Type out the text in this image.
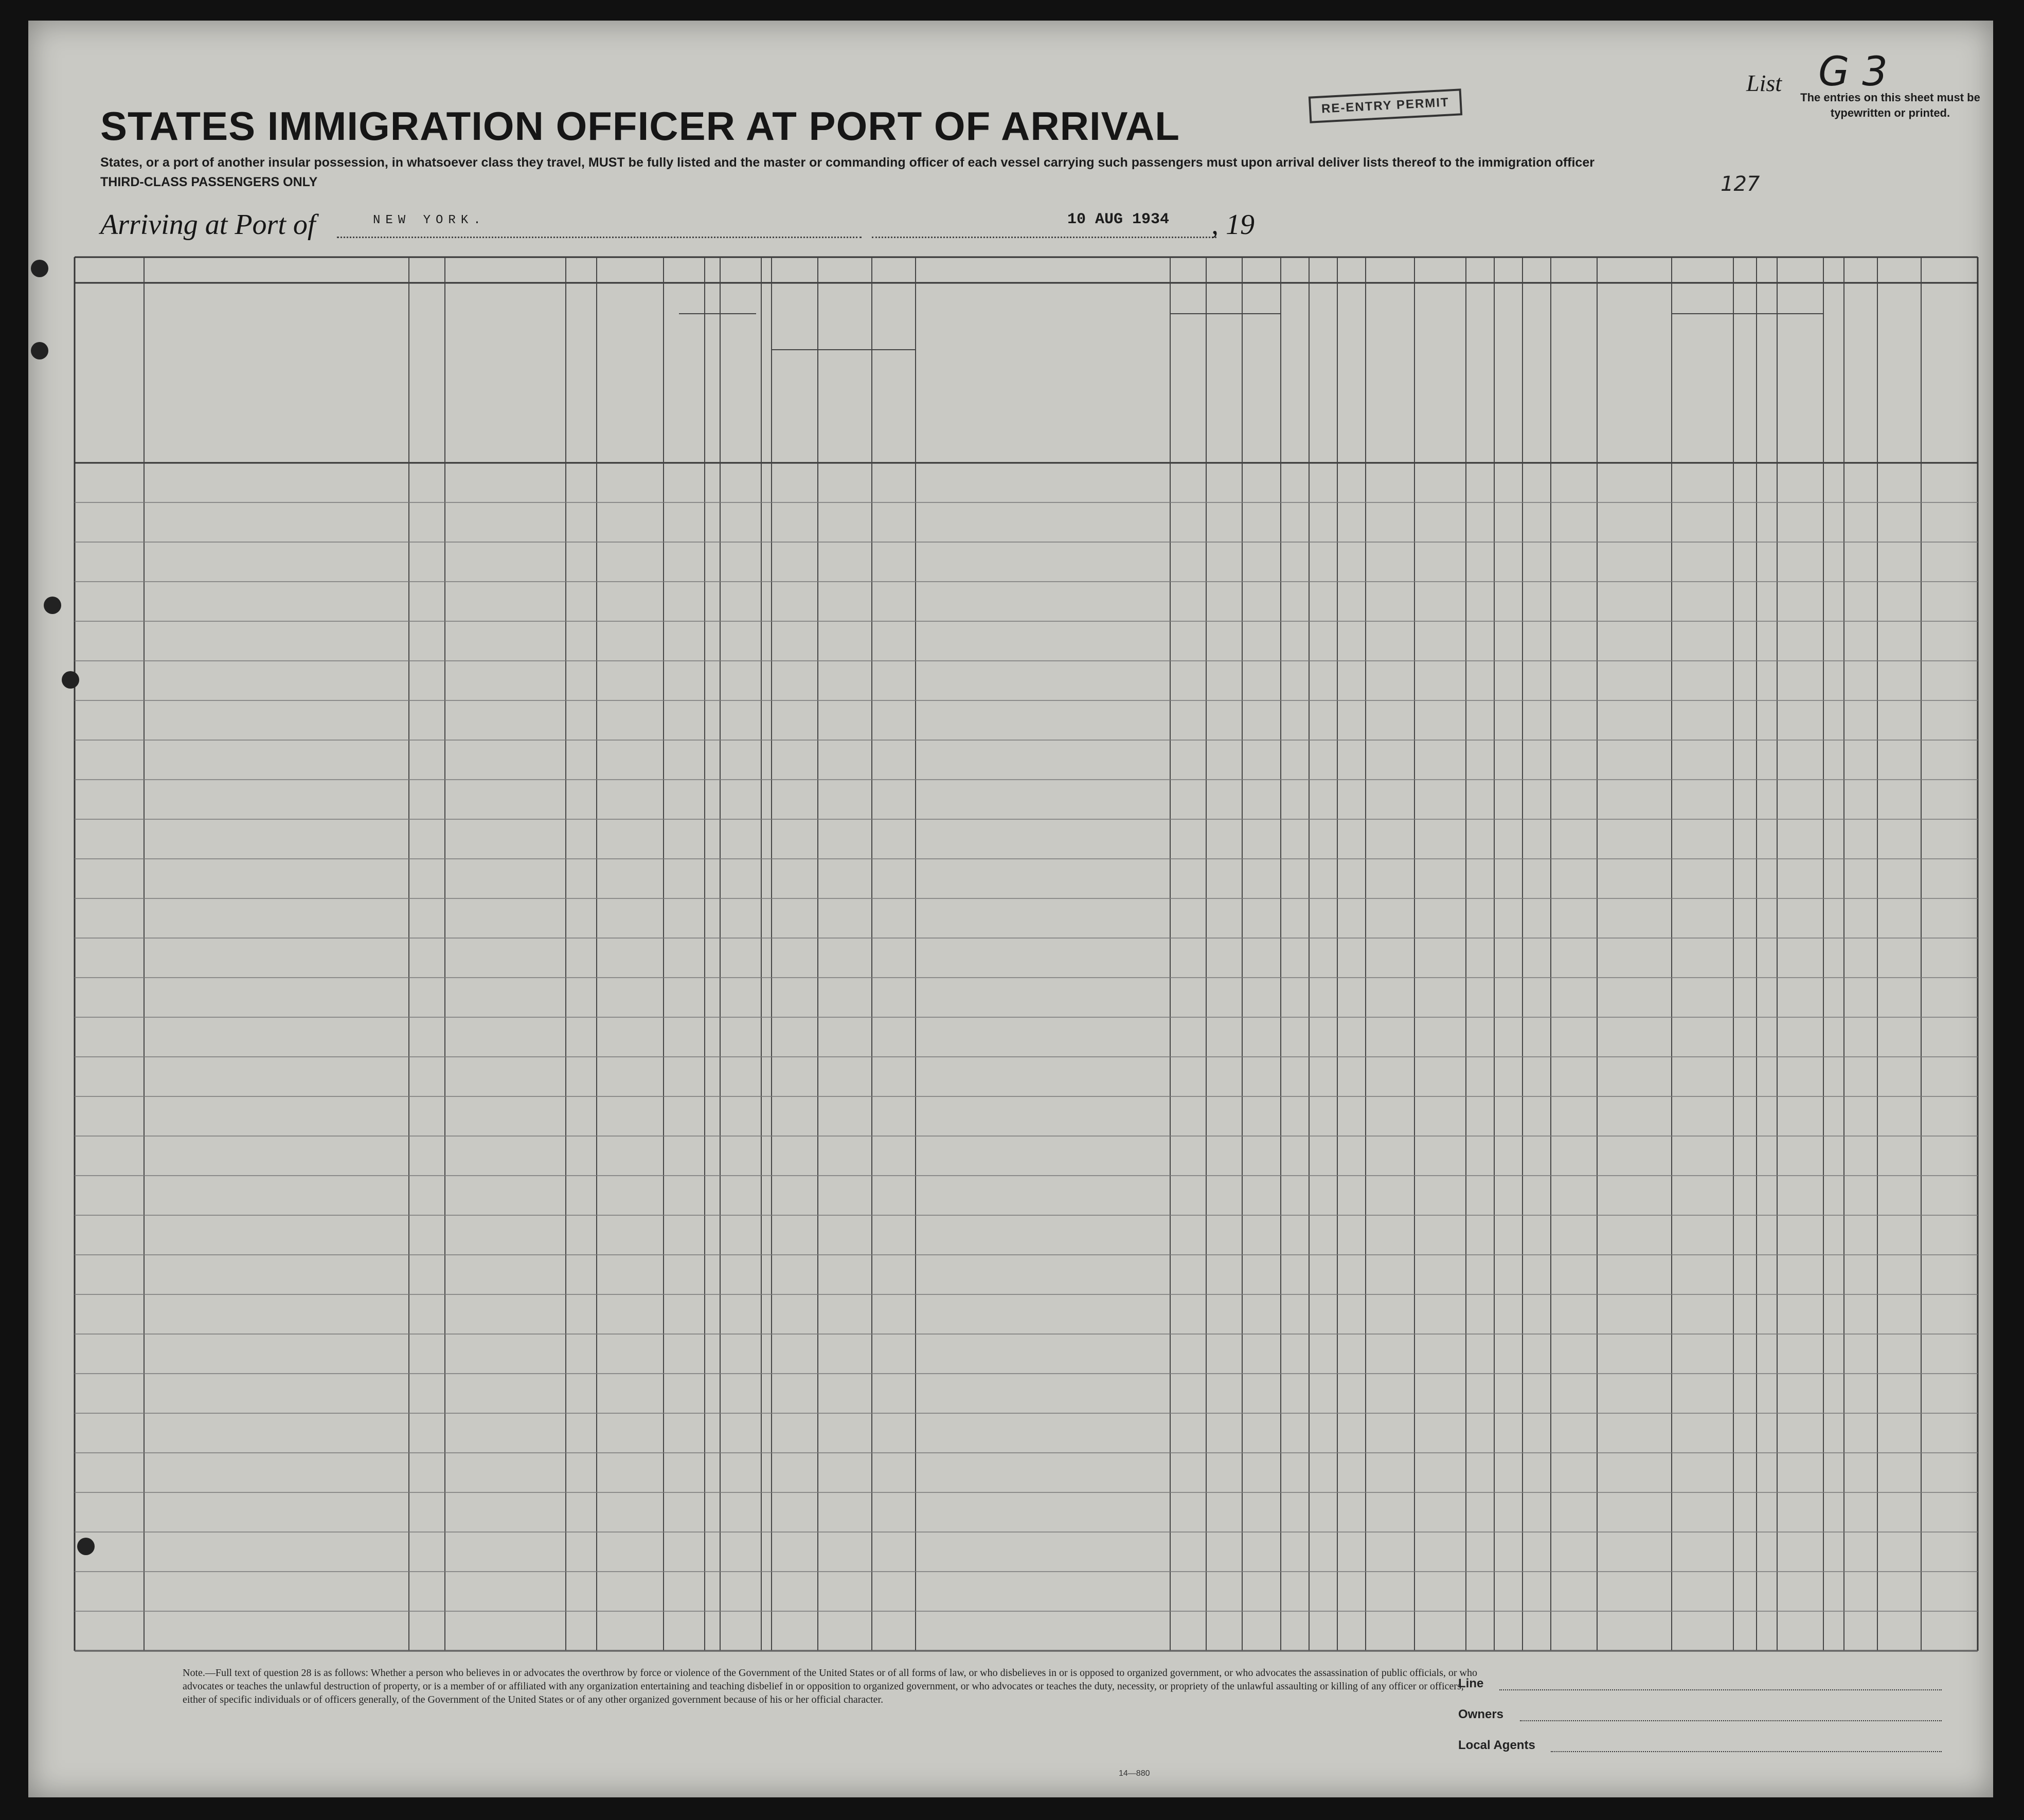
STATES IMMIGRATION OFFICER AT PORT OF ARRIVAL	RE-ENTRY PERMIT
List G 3
The entries on this sheet must be typewritten or printed.
States, or a port of another insular possession, in whatsoever class they travel, MUST be fully listed and the master or commanding officer of each vessel carrying such passengers must upon arrival deliver lists thereof to the immigration officer
THIRD-CLASS PASSENGERS ONLY	127
Arriving at Port of	NEW YORK.	10 AUG 1934 , 19
Note.—Full text of question 28 is as follows: Whether a person who believes in or advocates the overthrow by force or violence of the Government of the United States or of all forms of law, or who disbelieves in or is opposed to organized government, or who advocates the assassination of public officials, or who advocates or teaches the unlawful destruction of property, or is a member of or affiliated with any organization entertaining and teaching disbelief in or opposition to organized government, or who advocates or teaches the duty, necessity, or propriety of the unlawful assaulting or killing of any officer or officers, either of specific individuals or of officers generally, of the Government of the United States or of any other organized government because of his or her official character.
Line
Owners
Local Agents
14—880
